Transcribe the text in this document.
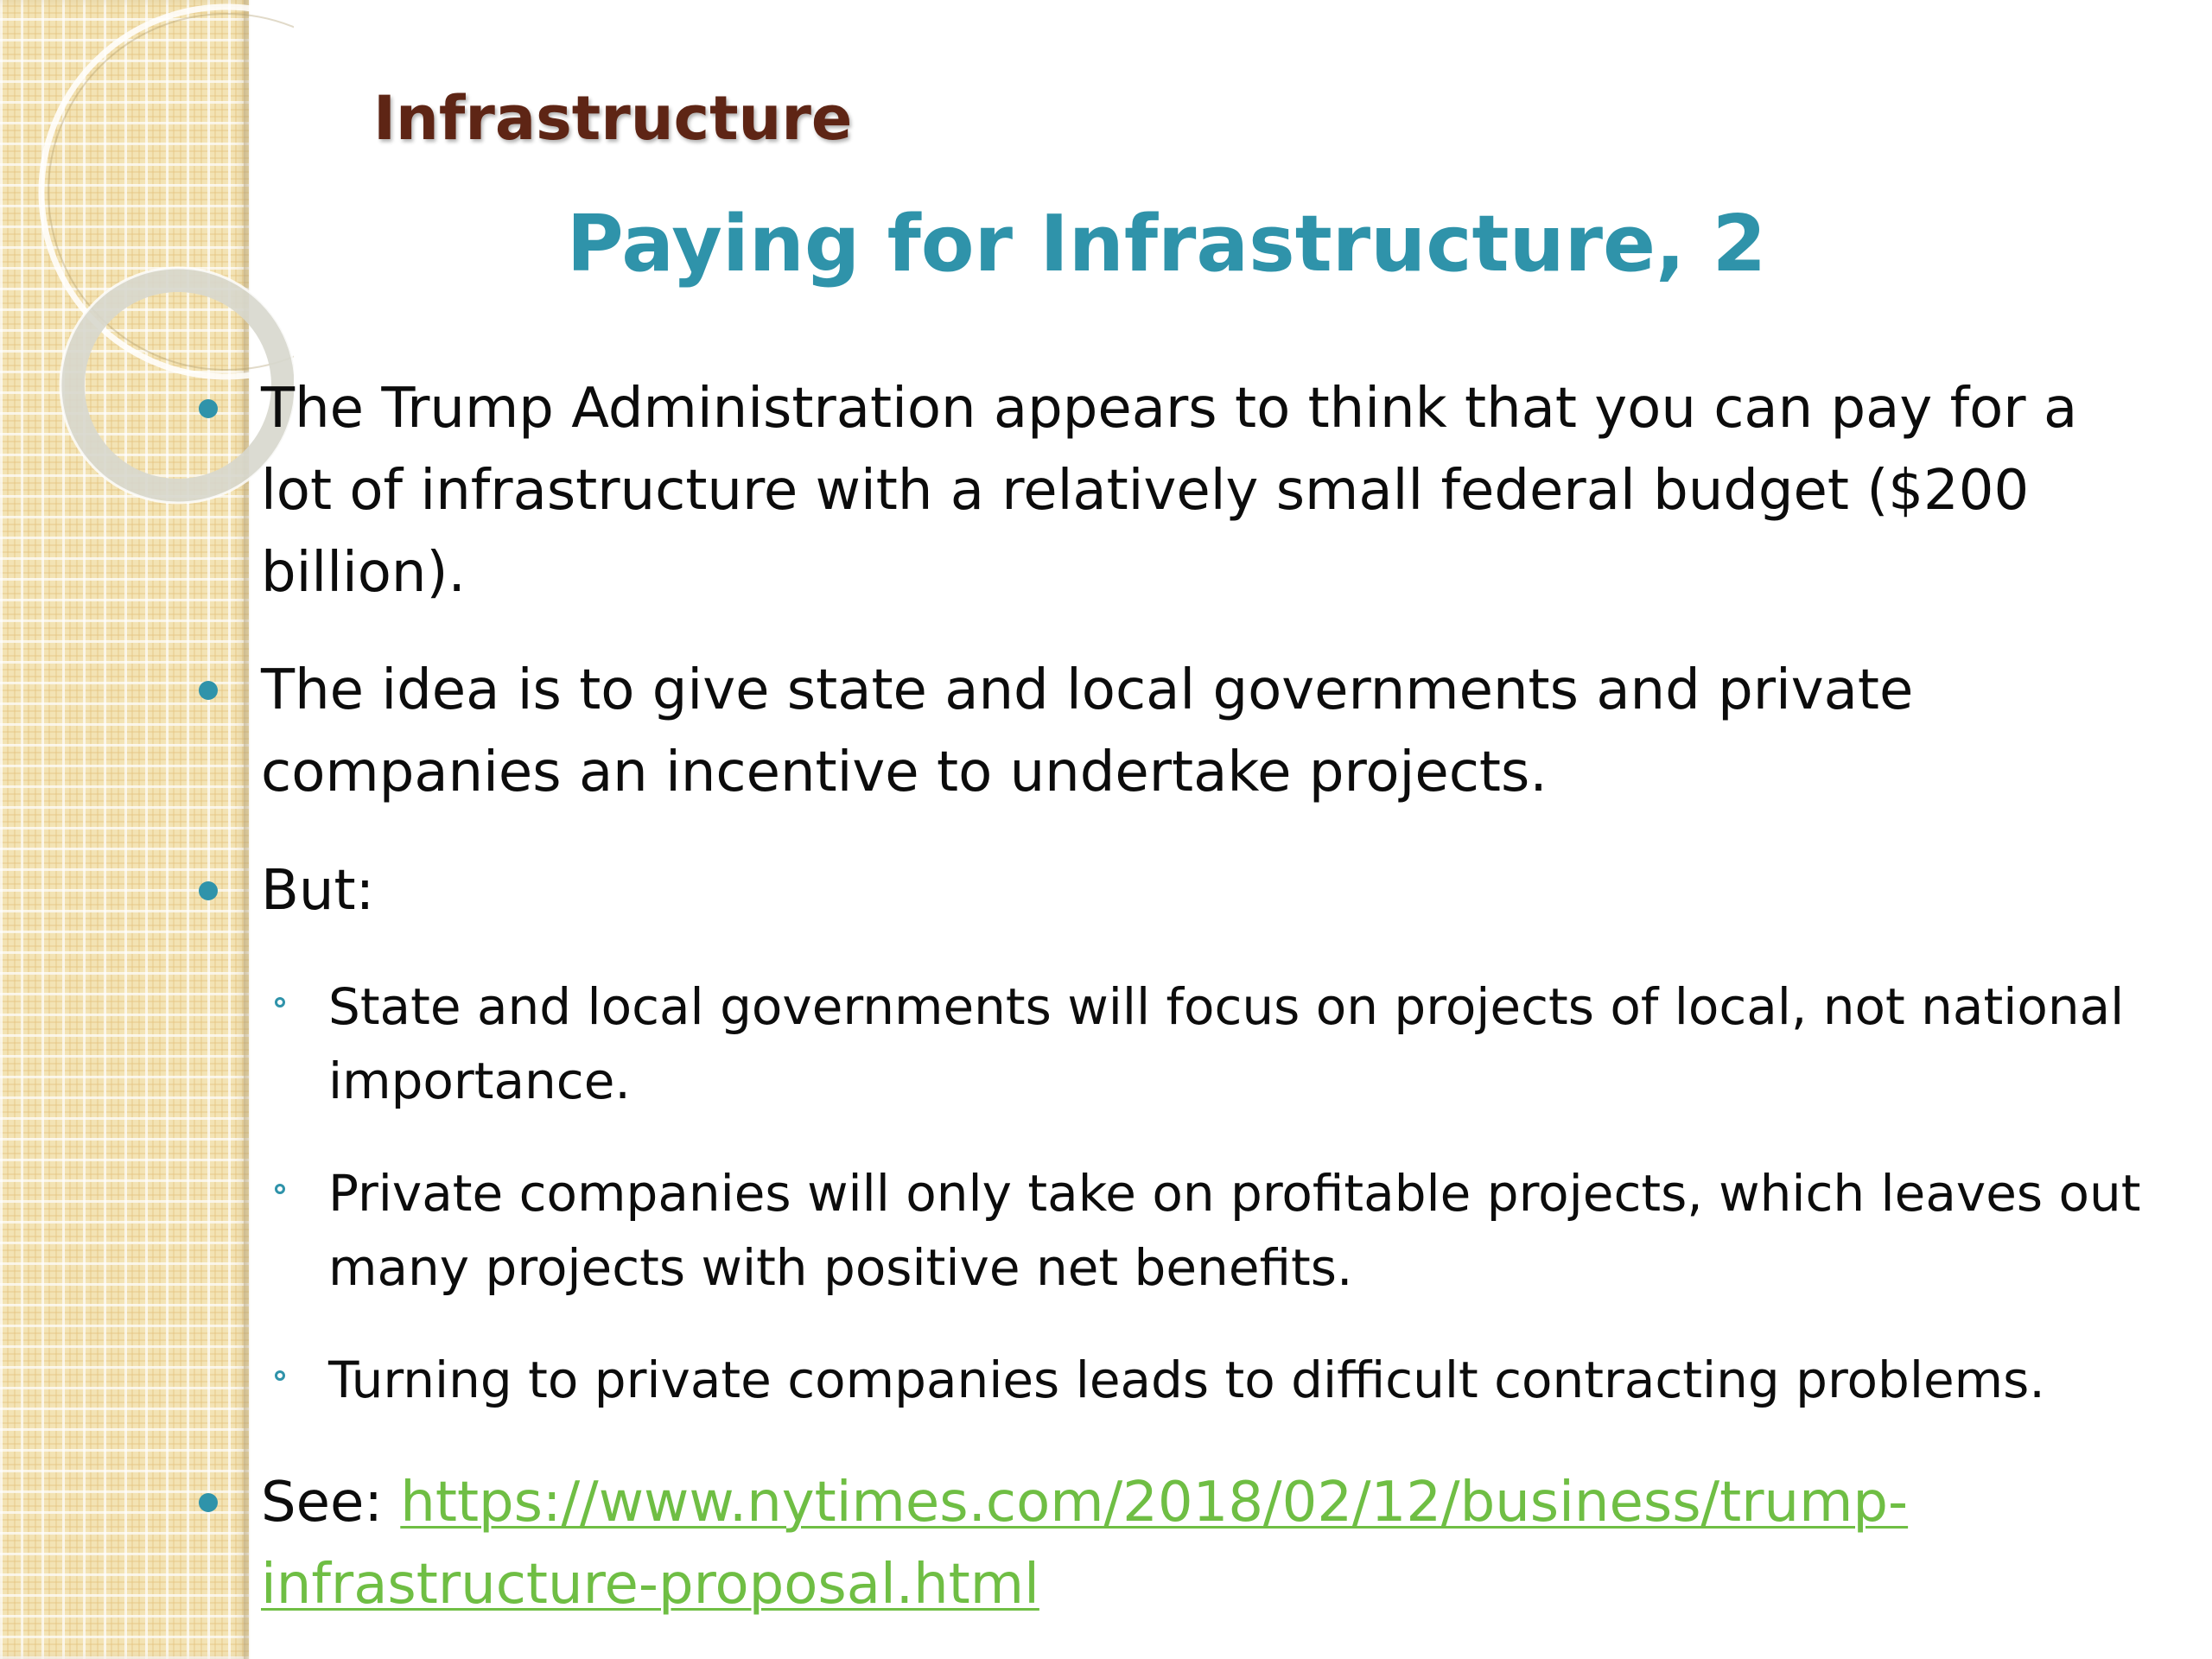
Infrastructure
Paying for Infrastructure, 2
The Trump Administration appears to think that you can pay for a lot of infrastructure with a relatively small federal budget ($200 billion).
The idea is to give state and local governments and private companies an incentive to undertake projects.
But:
State and local governments will focus on projects of local, not national importance.
Private companies will only take on profitable projects, which leaves out many projects with positive net benefits.
Turning to private companies leads to difficult contracting problems.
See: https://www.nytimes.com/2018/02/12/business/trump-
infrastructure-proposal.html
